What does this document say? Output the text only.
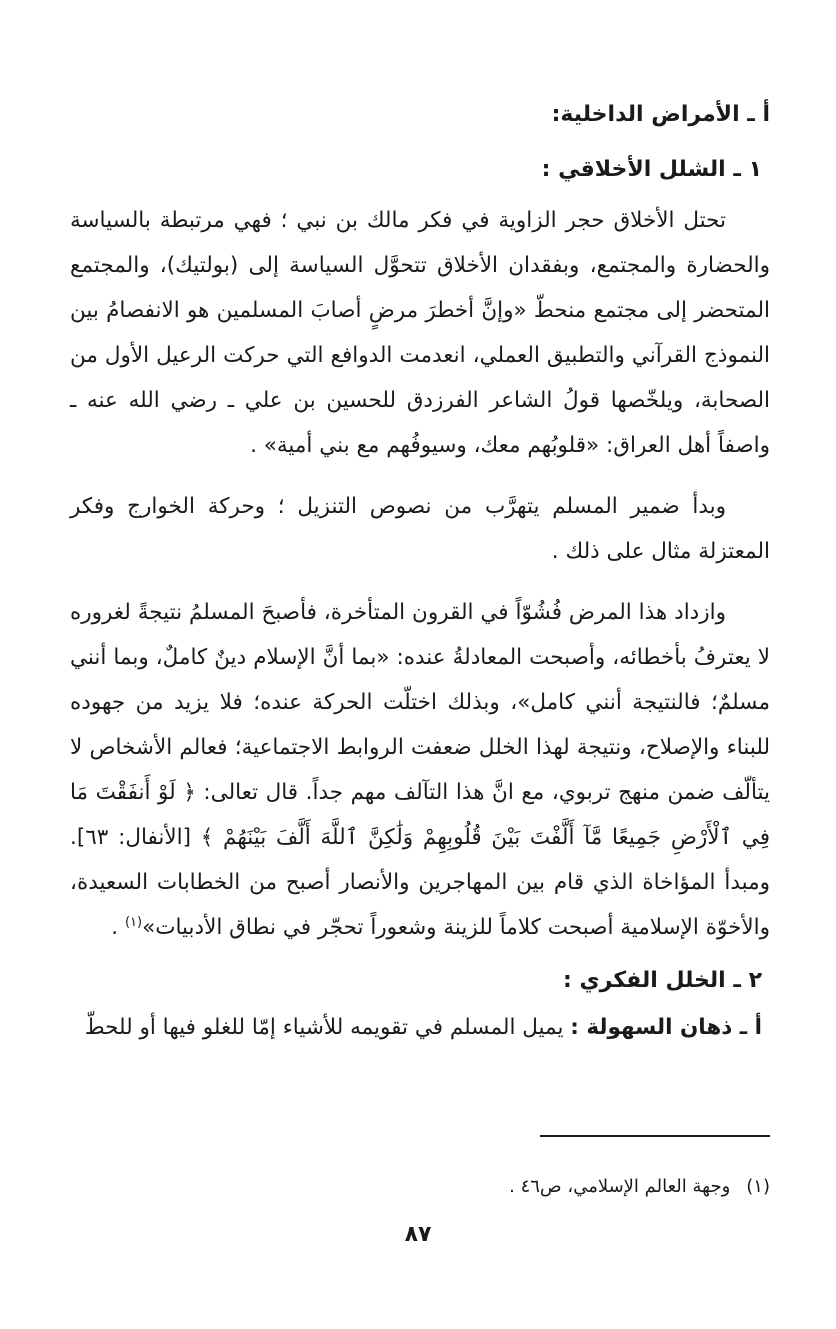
أ ـ الأمراض الداخلية:
١ ـ الشلل الأخلاقي :

تحتل الأخلاق حجر الزاوية في فكر مالك بن نبي ؛ فهي مرتبطة بالسياسة والحضارة والمجتمع، وبفقدان الأخلاق تتحوَّل السياسة إلى (بولتيك)، والمجتمع المتحضر إلى مجتمع منحطّ «وإنَّ أخطرَ مرضٍ أصابَ المسلمين هو الانفصامُ بين النموذج القرآني والتطبيق العملي، انعدمت الدوافع التي حركت الرعيل الأول من الصحابة، ويلخّصها قولُ الشاعر الفرزدق للحسين بن علي ـ رضي الله عنه ـ واصفاً أهل العراق: «قلوبُهم معك، وسيوفُهم مع بني أمية» .

وبدأ ضمير المسلم يتهرَّب من نصوص التنزيل ؛ وحركة الخوارج وفكر المعتزلة مثال على ذلك .

وازداد هذا المرض فُشُوّاً في القرون المتأخرة، فأصبحَ المسلمُ نتيجةً لغروره لا يعترفُ بأخطائه، وأصبحت المعادلةُ عنده: «بما أنَّ الإسلام دينٌ كاملٌ، وبما أنني مسلمٌ؛ فالنتيجة أنني كامل»، وبذلك اختلّت الحركة عنده؛ فلا يزيد من جهوده للبناء والإصلاح، ونتيجة لهذا الخلل ضعفت الروابط الاجتماعية؛ فعالم الأشخاص لا يتألّف ضمن منهج تربوي، مع انَّ هذا التآلف مهم جداً. قال تعالى: ﴿ لَوْ أَنفَقْتَ مَا فِي ٱلْأَرْضِ جَمِيعًا مَّآ أَلَّفْتَ بَيْنَ قُلُوبِهِمْ وَلَٰكِنَّ ٱللَّهَ أَلَّفَ بَيْنَهُمْ ﴾ [الأنفال: ٦٣]. ومبدأ المؤاخاة الذي قام بين المهاجرين والأنصار أصبح من الخطابات السعيدة، والأخوّة الإسلامية أصبحت كلاماً للزينة وشعوراً تحجّر في نطاق الأدبيات»$^{(١)}$ .

٢ ـ الخلل الفكري :

أ ـ ذهان السهولة : يميل المسلم في تقويمه للأشياء إمّا للغلو فيها أو للحطّ

(١)وجهة العالم الإسلامي، ص٤٦ .
٨٧
